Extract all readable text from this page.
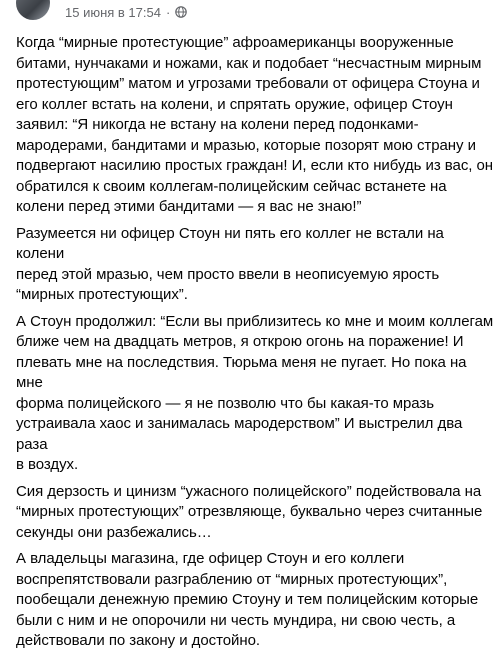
15 июня в 17:54 ·

Когда “мирные протестующие” афроамериканцы вооруженные
битами, нунчаками и ножами, как и подобает “несчастным мирным
протестующим” матом и угрозами требовали от офицера Стоуна и
его коллег встать на колени, и спрятать оружие, офицер Стоун
заявил: “Я никогда не встану на колени перед подонками-
мародерами, бандитами и мразью, которые позорят мою страну и
подвергают насилию простых граждан! И, если кто нибудь из вас, он
обратился к своим коллегам-полицейским сейчас встанете на
колени перед этими бандитами — я вас не знаю!”

Разумеется ни офицер Стоун ни пять его коллег не встали на колени
перед этой мразью, чем просто ввели в неописуемую ярость
“мирных протестующих”.

А Стоун продолжил: “Если вы приблизитесь ко мне и моим коллегам
ближе чем на двадцать метров, я открою огонь на поражение! И
плевать мне на последствия. Тюрьма меня не пугает. Но пока на мне
форма полицейского — я не позволю что бы какая-то мразь
устраивала хаос и занималась мародерством” И выстрелил два раза
в воздух.

Сия дерзость и цинизм “ужасного полицейского” подействовала на
“мирных протестующих” отрезвляюще, буквально через считанные
секунды они разбежались…

А владельцы магазина, где офицер Стоун и его коллеги
воспрепятствовали разграблению от “мирных протестующих”,
пообещали денежную премию Стоуну и тем полицейским которые
были с ним и не опорочили ни честь мундира, ни свою честь, а
действовали по закону и достойно.
